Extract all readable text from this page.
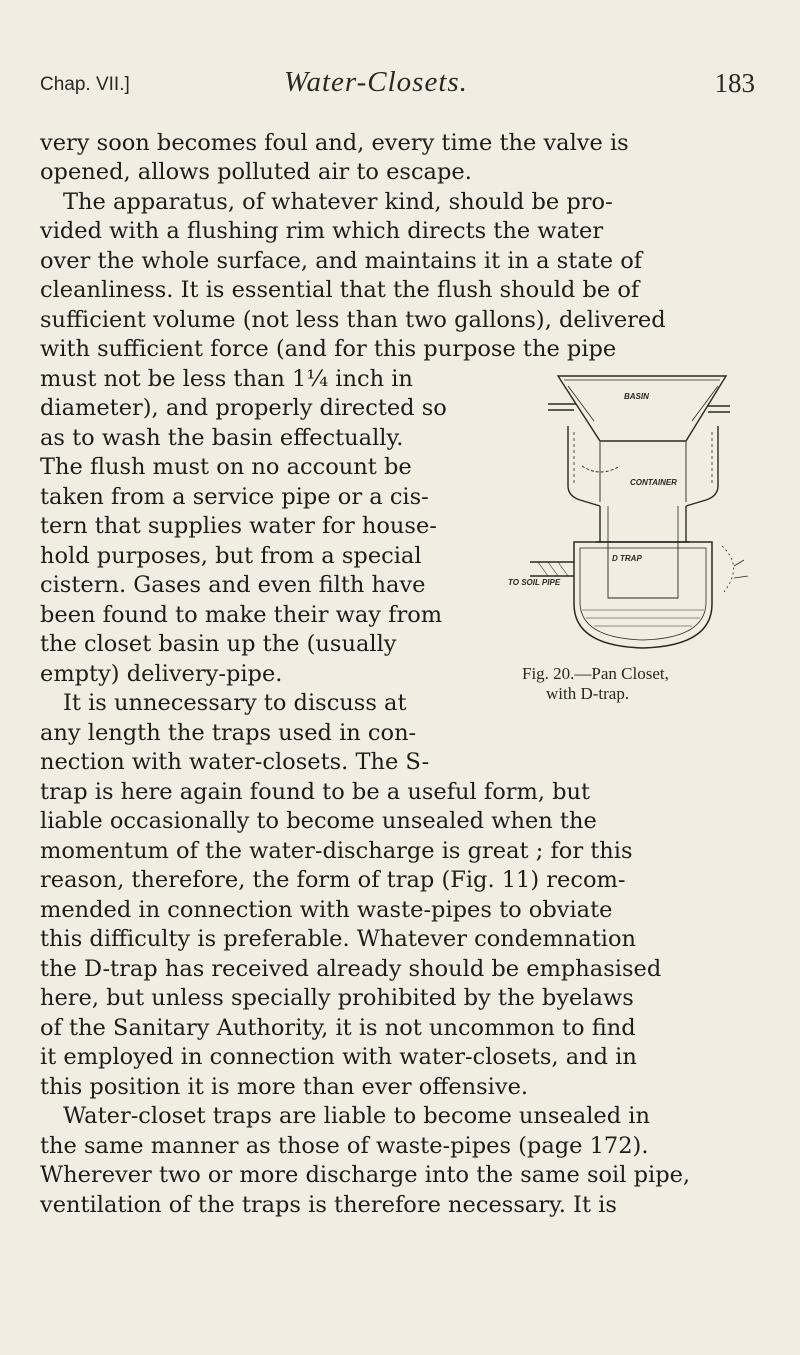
Chap. VII.]	Water-Closets.	183
very soon becomes foul and, every time the valve is
opened, allows polluted air to escape.
The apparatus, of whatever kind, should be pro-
vided with a flushing rim which directs the water
over the whole surface, and maintains it in a state of
cleanliness. It is essential that the flush should be of
sufficient volume (not less than two gallons), delivered
with sufficient force (and for this purpose the pipe
must not be less than 1¼ inch in
diameter), and properly directed so
as to wash the basin effectually.
The flush must on no account be
taken from a service pipe or a cis-
tern that supplies water for house-
hold purposes, but from a special
cistern. Gases and even filth have
been found to make their way from
the closet basin up the (usually
empty) delivery-pipe.
It is unnecessary to discuss at
any length the traps used in con-
nection with water-closets. The S-
trap is here again found to be a useful form, but
liable occasionally to become unsealed when the
momentum of the water-discharge is great ; for this
reason, therefore, the form of trap (Fig. 11) recom-
mended in connection with waste-pipes to obviate
this difficulty is preferable. Whatever condemnation
the D-trap has received already should be emphasised
here, but unless specially prohibited by the byelaws
of the Sanitary Authority, it is not uncommon to find
it employed in connection with water-closets, and in
this position it is more than ever offensive.
Water-closet traps are liable to become unsealed in
the same manner as those of waste-pipes (page 172).
Wherever two or more discharge into the same soil pipe,
ventilation of the traps is therefore necessary. It is
BASIN
CONTAINER
D TRAP
TO SOIL PIPE
Fig. 20.—Pan Closet,
with D-trap.
